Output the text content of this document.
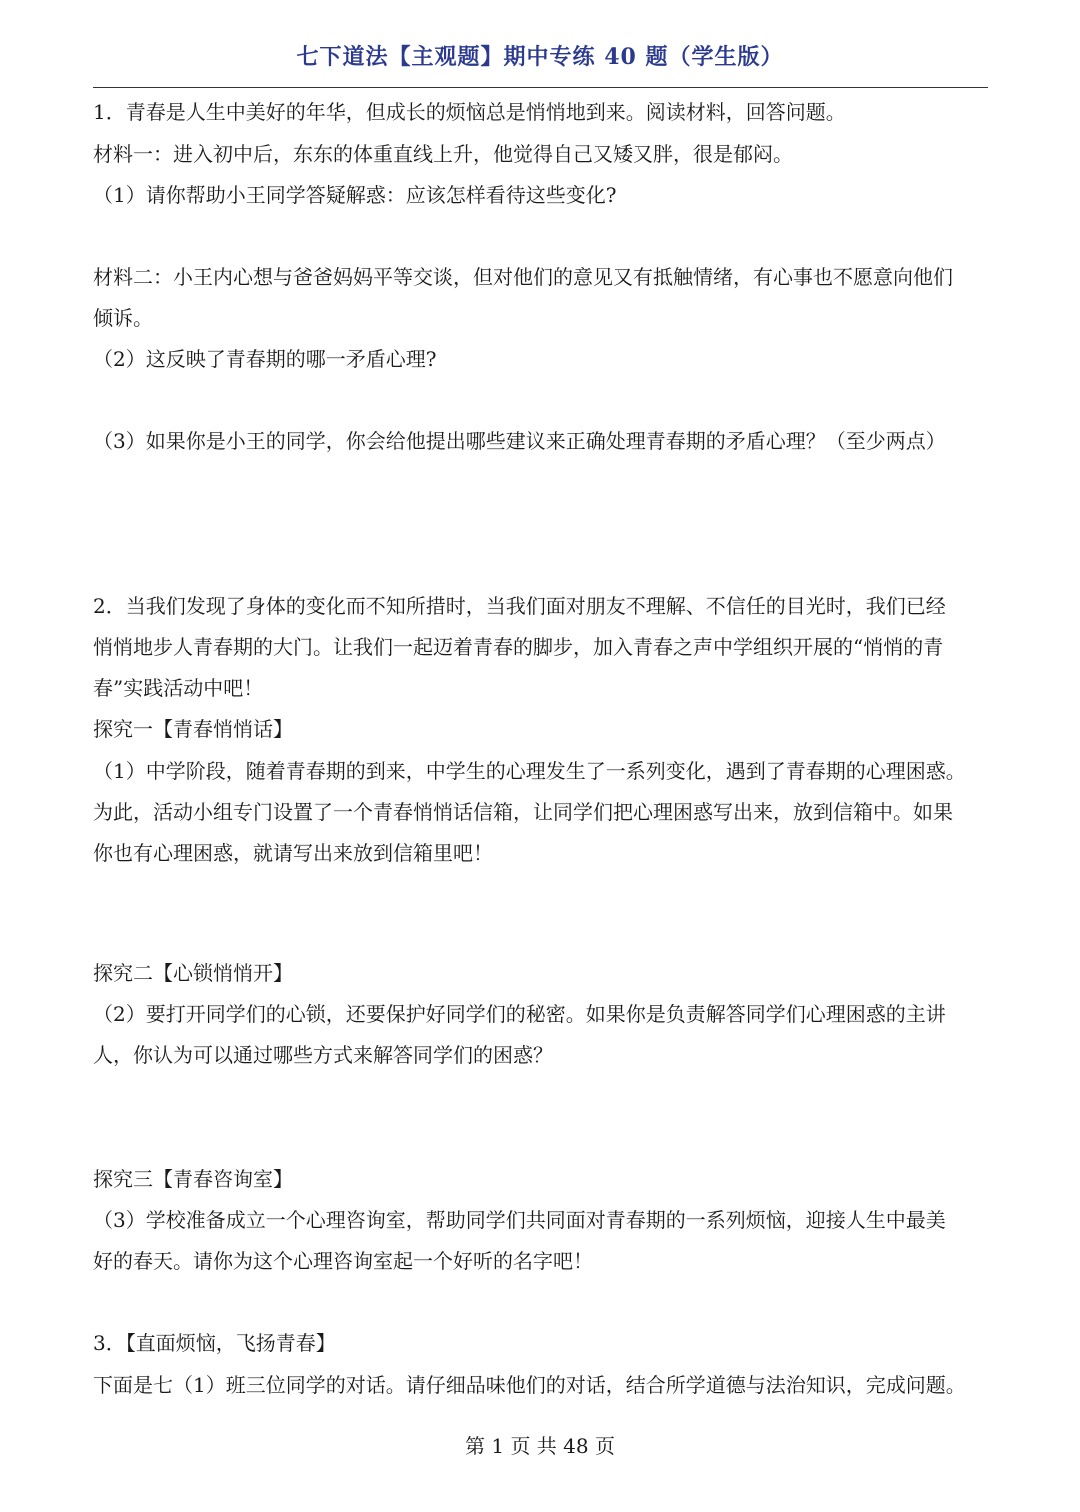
七下道法【主观题】期中专练 40 题（学生版）
1．青春是人生中美好的年华，但成长的烦恼总是悄悄地到来。阅读材料，回答问题。
材料一：进入初中后，东东的体重直线上升，他觉得自己又矮又胖，很是郁闷。
（1）请你帮助小王同学答疑解惑：应该怎样看待这些变化?
材料二：小王内心想与爸爸妈妈平等交谈，但对他们的意见又有抵触情绪，有心事也不愿意向他们
倾诉。
（2）这反映了青春期的哪一矛盾心理?
（3）如果你是小王的同学，你会给他提出哪些建议来正确处理青春期的矛盾心理？（至少两点）
2．当我们发现了身体的变化而不知所措时，当我们面对朋友不理解、不信任的目光时，我们已经
悄悄地步人青春期的大门。让我们一起迈着青春的脚步，加入青春之声中学组织开展的“悄悄的青
春”实践活动中吧！
探究一【青春悄悄话】
（1）中学阶段，随着青春期的到来，中学生的心理发生了一系列变化，遇到了青春期的心理困惑。
为此，活动小组专门设置了一个青春悄悄话信箱，让同学们把心理困惑写出来，放到信箱中。如果
你也有心理困惑，就请写出来放到信箱里吧！
探究二【心锁悄悄开】
（2）要打开同学们的心锁，还要保护好同学们的秘密。如果你是负责解答同学们心理困惑的主讲
人，你认为可以通过哪些方式来解答同学们的困惑？
探究三【青春咨询室】
（3）学校准备成立一个心理咨询室，帮助同学们共同面对青春期的一系列烦恼，迎接人生中最美
好的春天。请你为这个心理咨询室起一个好听的名字吧！
3．【直面烦恼，飞扬青春】
下面是七（1）班三位同学的对话。请仔细品味他们的对话，结合所学道德与法治知识，完成问题。
第 1 页 共 48 页
